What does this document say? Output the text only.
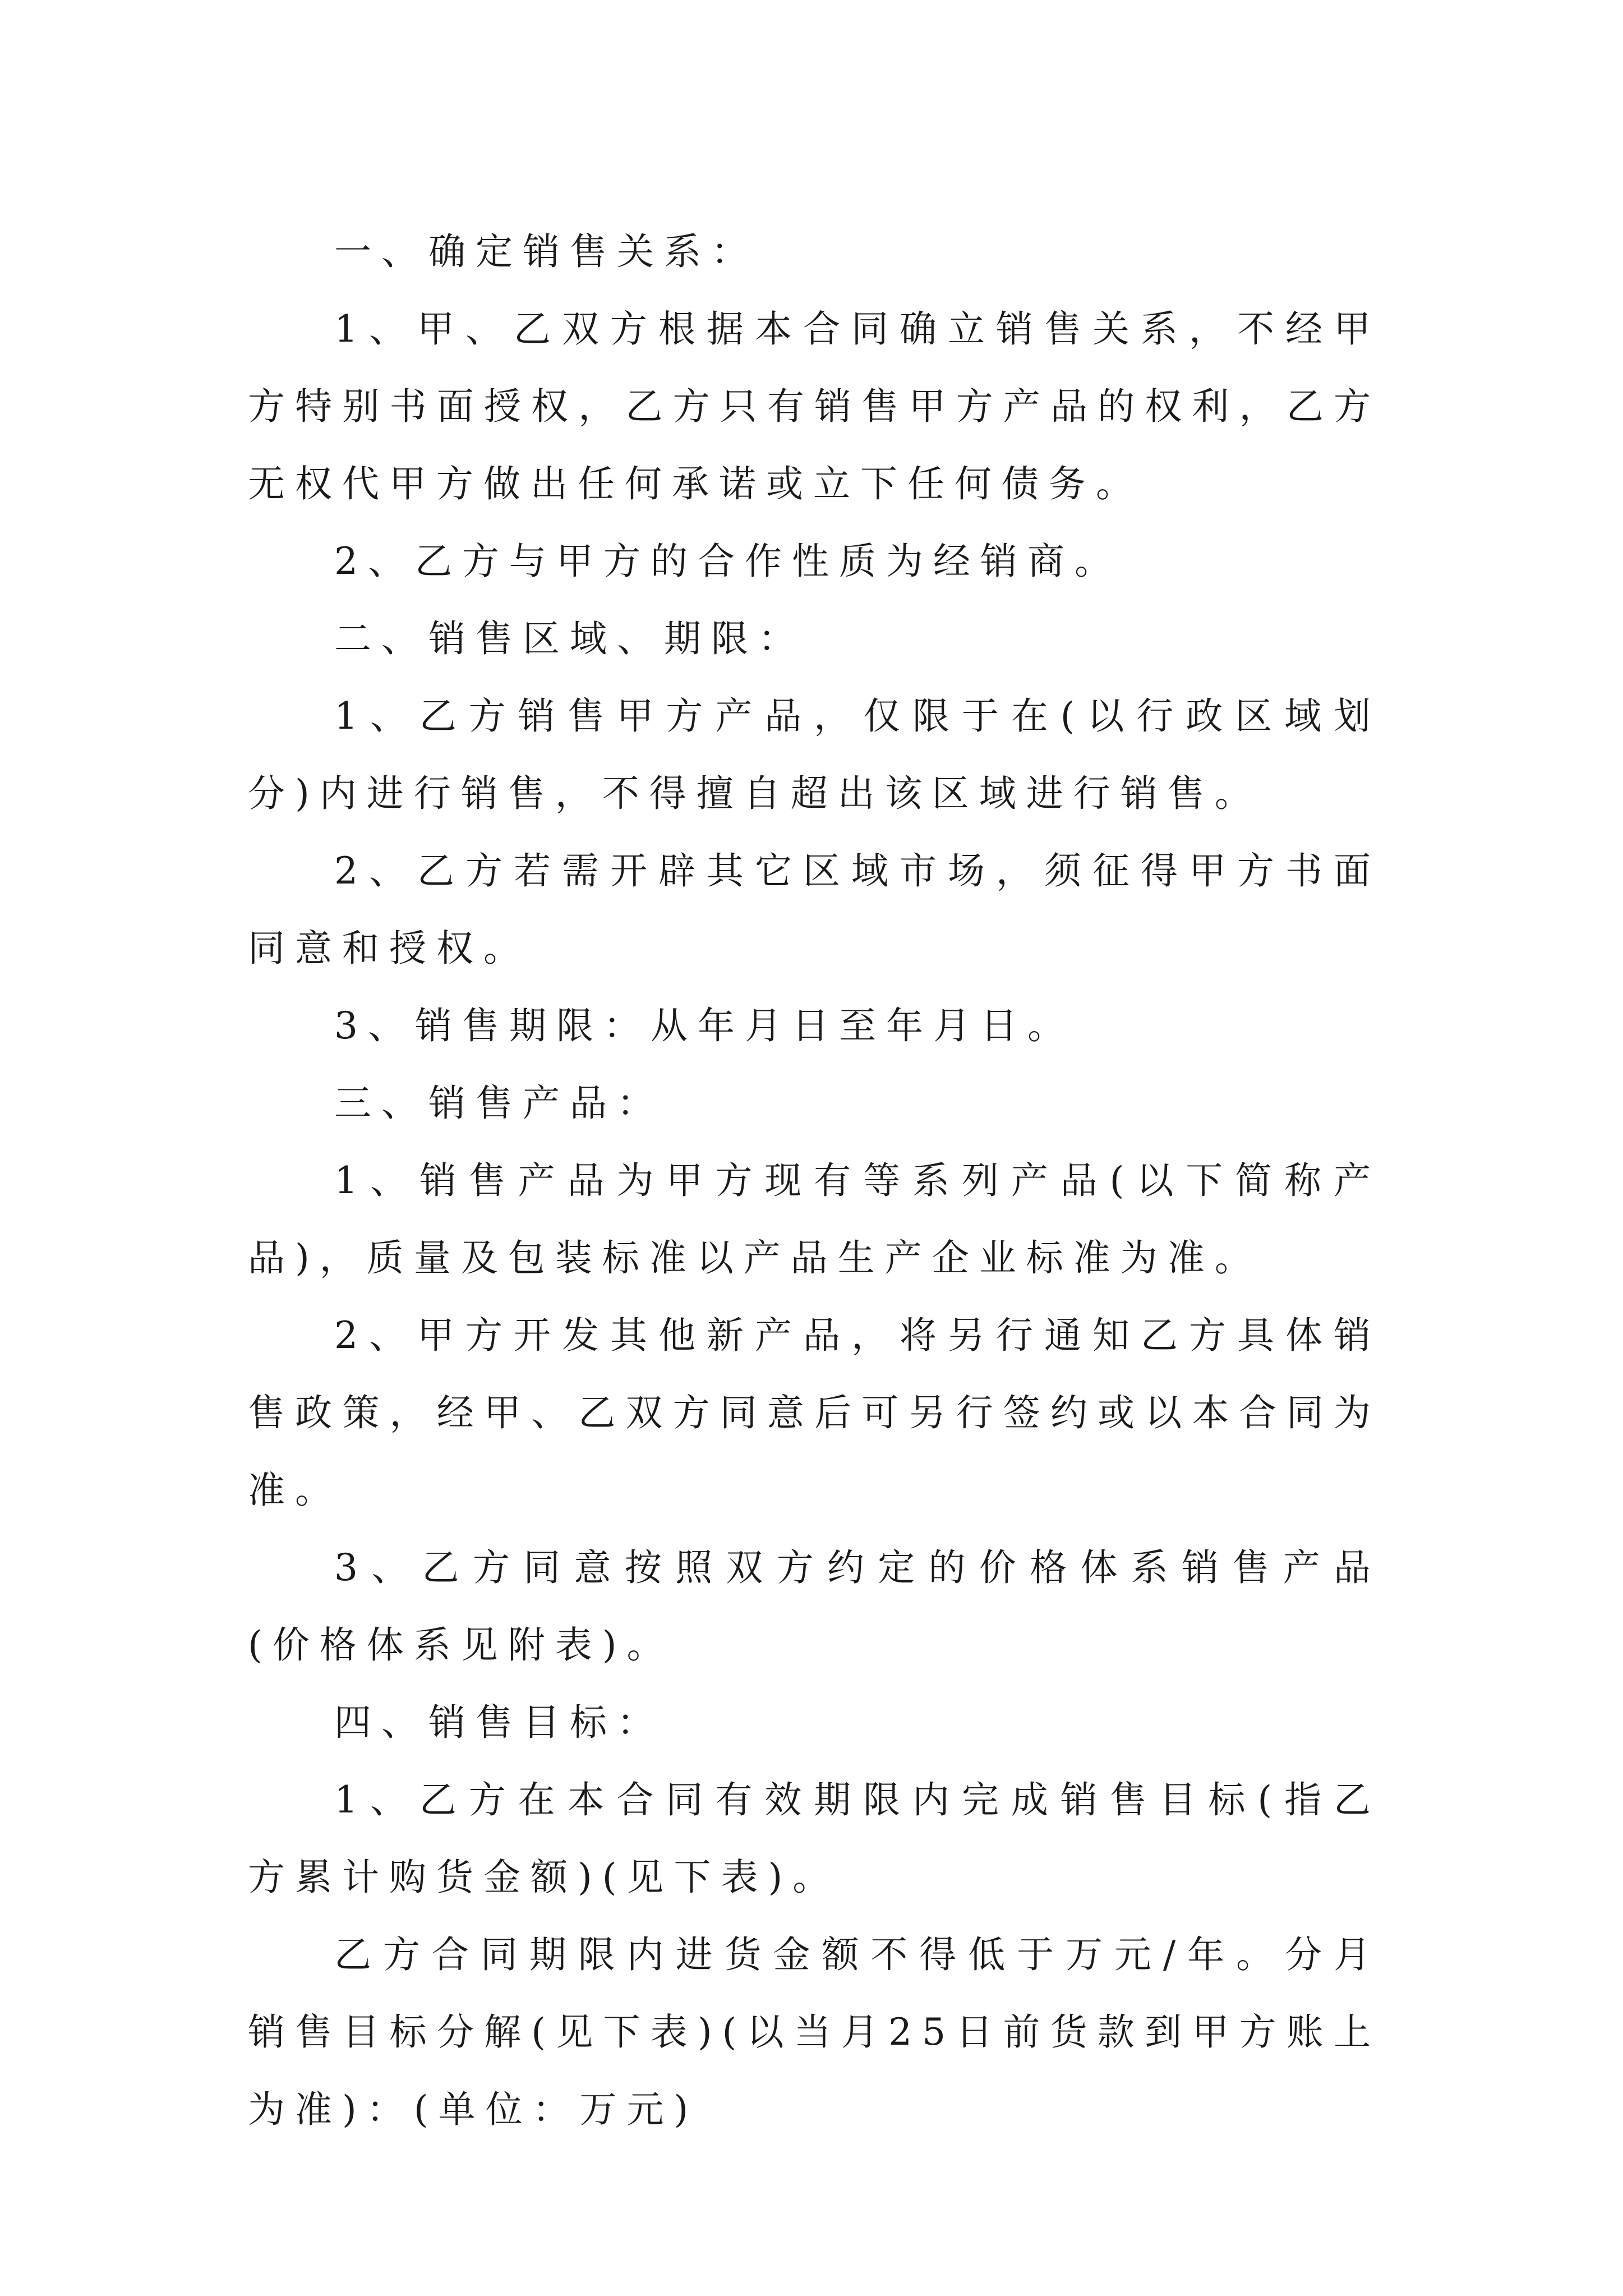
一、确定销售关系：

1、甲、乙双方根据本合同确立销售关系，不经甲方特别书面授权，乙方只有销售甲方产品的权利，乙方无权代甲方做出任何承诺或立下任何债务。

2、乙方与甲方的合作性质为经销商。

二、销售区域、期限：

1、乙方销售甲方产品，仅限于在(以行政区域划分)内进行销售，不得擅自超出该区域进行销售。

2、乙方若需开辟其它区域市场，须征得甲方书面同意和授权。

3、销售期限：从年月日至年月日。

三、销售产品：

1、销售产品为甲方现有等系列产品(以下简称产品)，质量及包装标准以产品生产企业标准为准。

2、甲方开发其他新产品，将另行通知乙方具体销售政策，经甲、乙双方同意后可另行签约或以本合同为准。

3、乙方同意按照双方约定的价格体系销售产品(价格体系见附表)。

四、销售目标：

1、乙方在本合同有效期限内完成销售目标(指乙方累计购货金额)(见下表)。

乙方合同期限内进货金额不得低于万元/年。分月销售目标分解(见下表)(以当月25日前货款到甲方账上为准)：(单位：万元)
